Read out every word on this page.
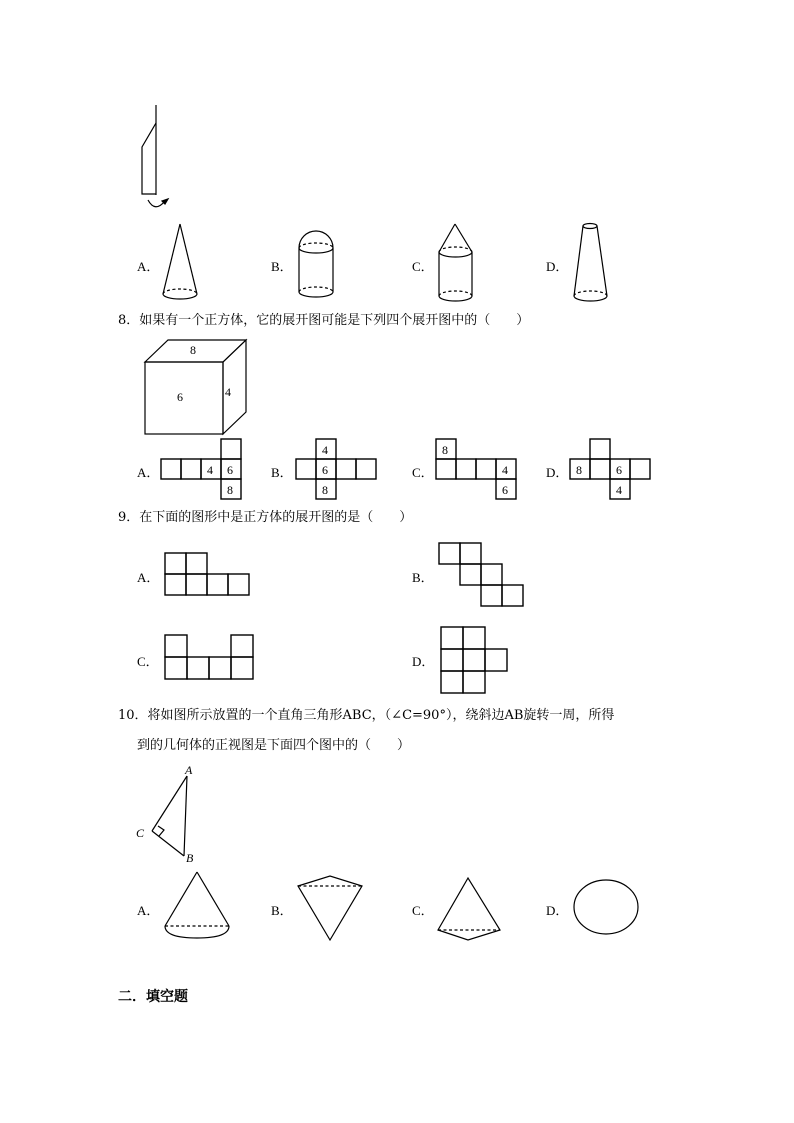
A．	B．	C．	D．
8．如果有一个正方体，它的展开图可能是下列四个展开图中的（　　）
8
6	4
A．	4 6
8
B．
4
6
8
C．
8
4
6
D． 8	6
4
9．在下面的图形中是正方体的展开图的是（　　）
A．	B．
C．	D．
10．将如图所示放置的一个直角三角形ABC，（∠C=90°），绕斜边AB旋转一周，所得
到的几何体的正视图是下面四个图中的（　　）
A
C
B
A．	B．	C．	D．
二．填空题
